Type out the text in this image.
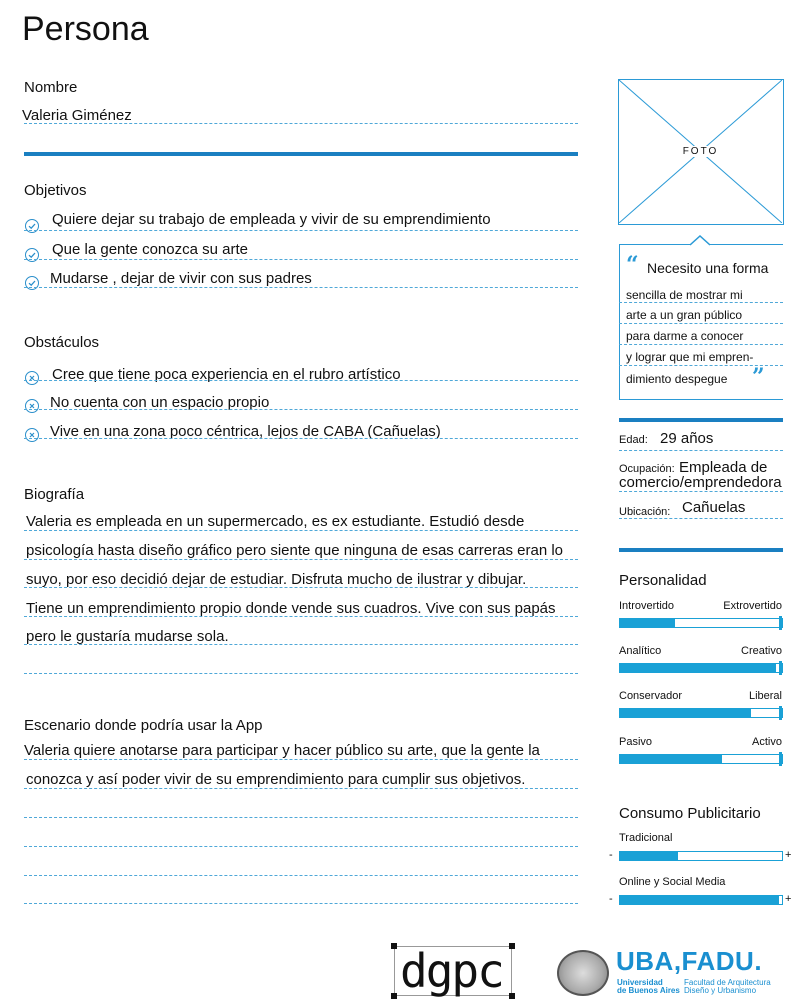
Persona
Nombre
Valeria Giménez
Objetivos
Quiere dejar su trabajo de empleada y vivir de su emprendimiento
Que la gente conozca su arte
Mudarse , dejar de vivir con sus padres
Obstáculos
Cree que tiene poca experiencia en el rubro artístico
No cuenta con un espacio propio
Vive en una zona poco céntrica, lejos de CABA (Cañuelas)
Biografía
Valeria es empleada en un supermercado, es ex estudiante. Estudió desde
psicología hasta diseño gráfico pero siente que ninguna de esas carreras eran lo
suyo, por eso decidió dejar de estudiar. Disfruta mucho de ilustrar y dibujar.
Tiene un emprendimiento propio donde vende sus cuadros. Vive con sus papás
pero le gustaría mudarse sola.
Escenario donde podría usar la App
Valeria quiere anotarse para participar y hacer público su arte, que la gente la
conozca y así poder vivir de su emprendimiento para cumplir sus objetivos.
FOTO
“ Necesito una forma
sencilla de mostrar mi
arte a un gran público
para darme a conocer
y lograr que mi empren-
dimiento despegue ”
Edad: 29 años
Ocupación: Empleada de
comercio/emprendedora
Ubicación: Cañuelas
Personalidad
Introvertido	Extrovertido
Analítico	Creativo
Conservador	Liberal
Pasivo	Activo
Consumo Publicitario
Tradicional
-	+
Online y Social Media
-	+
dgpc	UBA,FADU.
Universidad
de Buenos Aires
Facultad de Arquitectura
Diseño y Urbanismo
